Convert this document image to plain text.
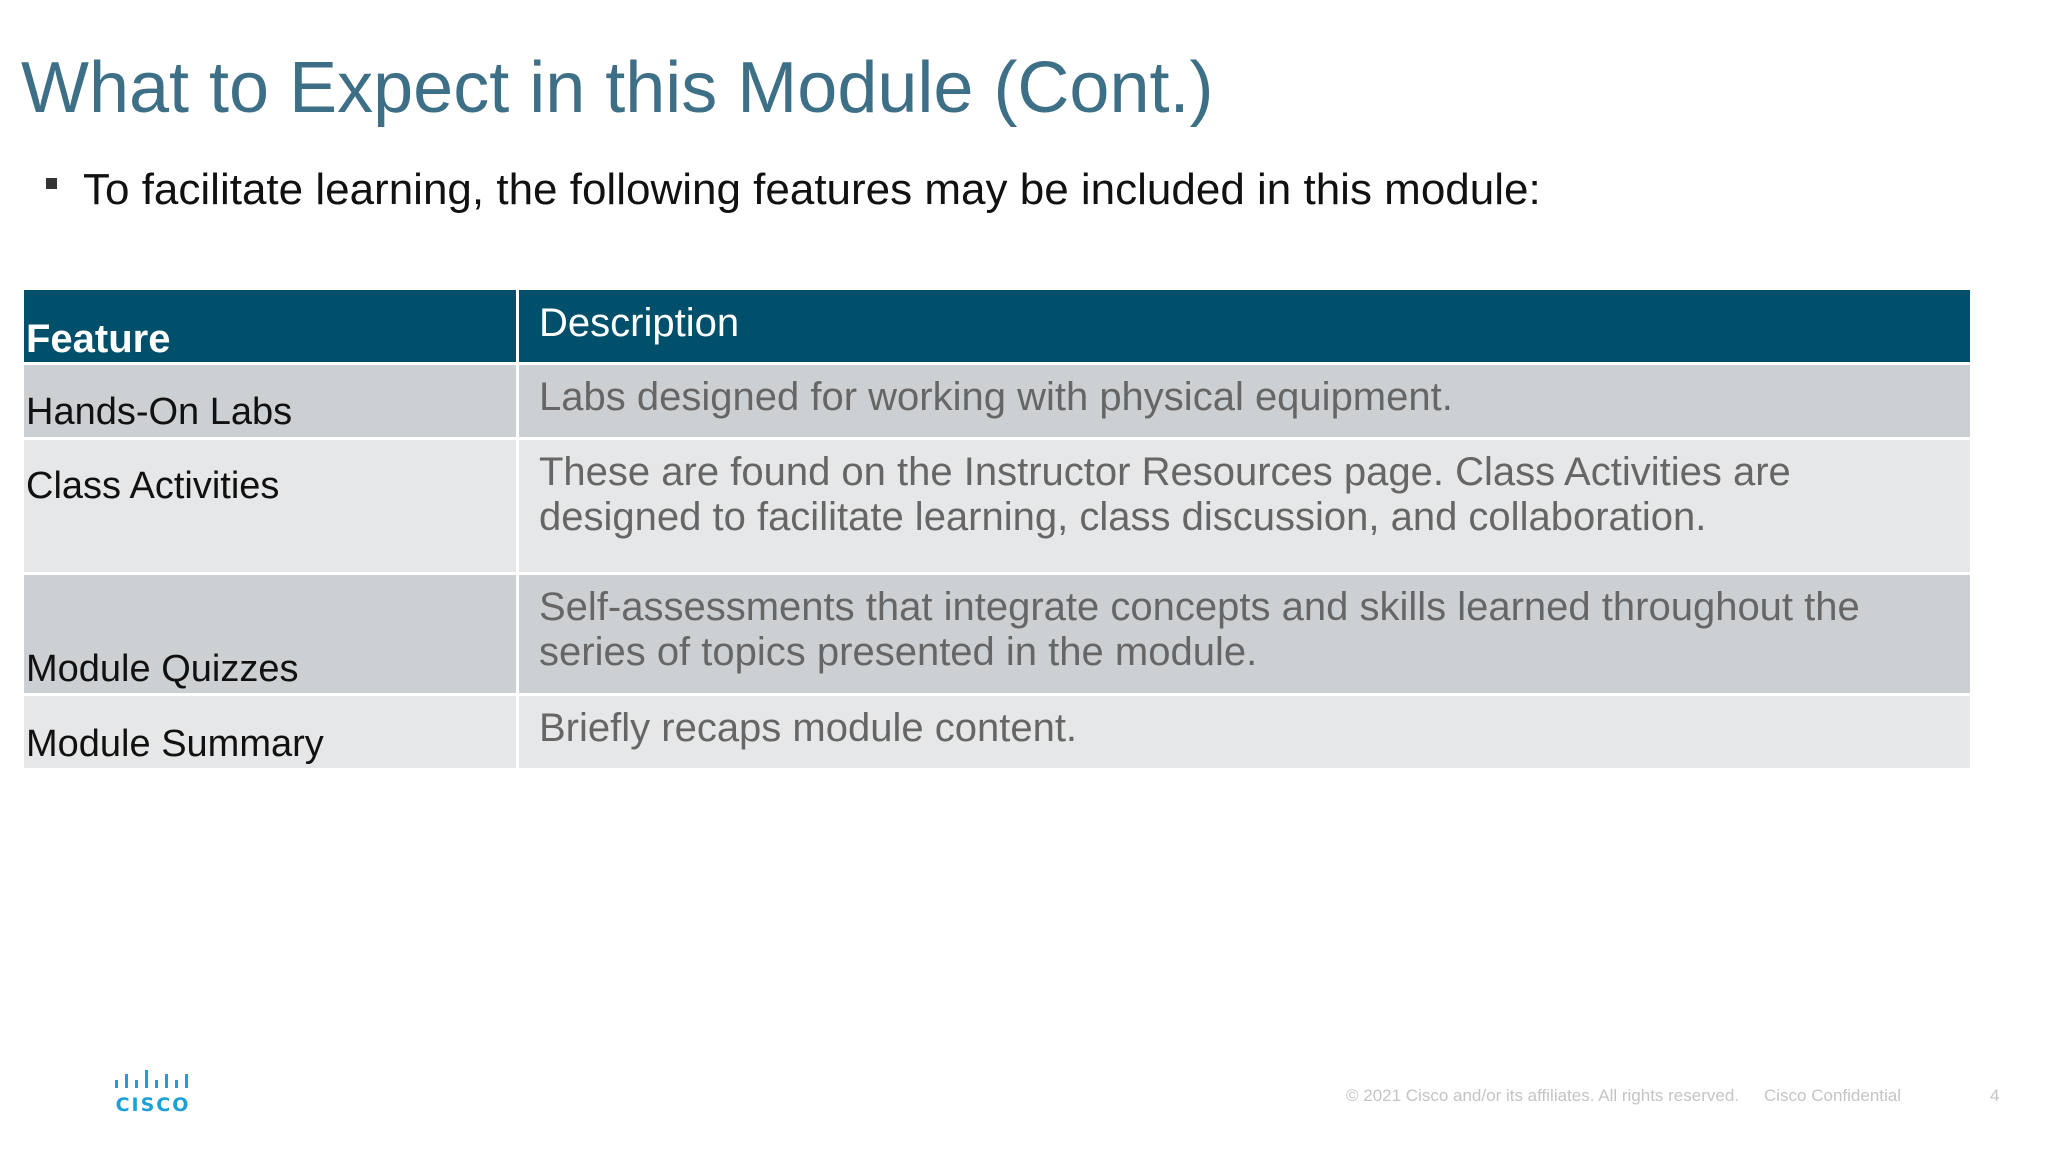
What to Expect in this Module (Cont.)
To facilitate learning, the following features may be included in this module:
Feature	Description
Hands-On Labs	Labs designed for working with physical equipment.
Class Activities	These are found on the Instructor Resources page. Class Activities are designed to facilitate learning, class discussion, and collaboration.
Module Quizzes	Self-assessments that integrate concepts and skills learned throughout the series of topics presented in the module.
Module Summary	Briefly recaps module content.
CISCO	© 2021 Cisco and/or its affiliates. All rights reserved. Cisco Confidential	4
